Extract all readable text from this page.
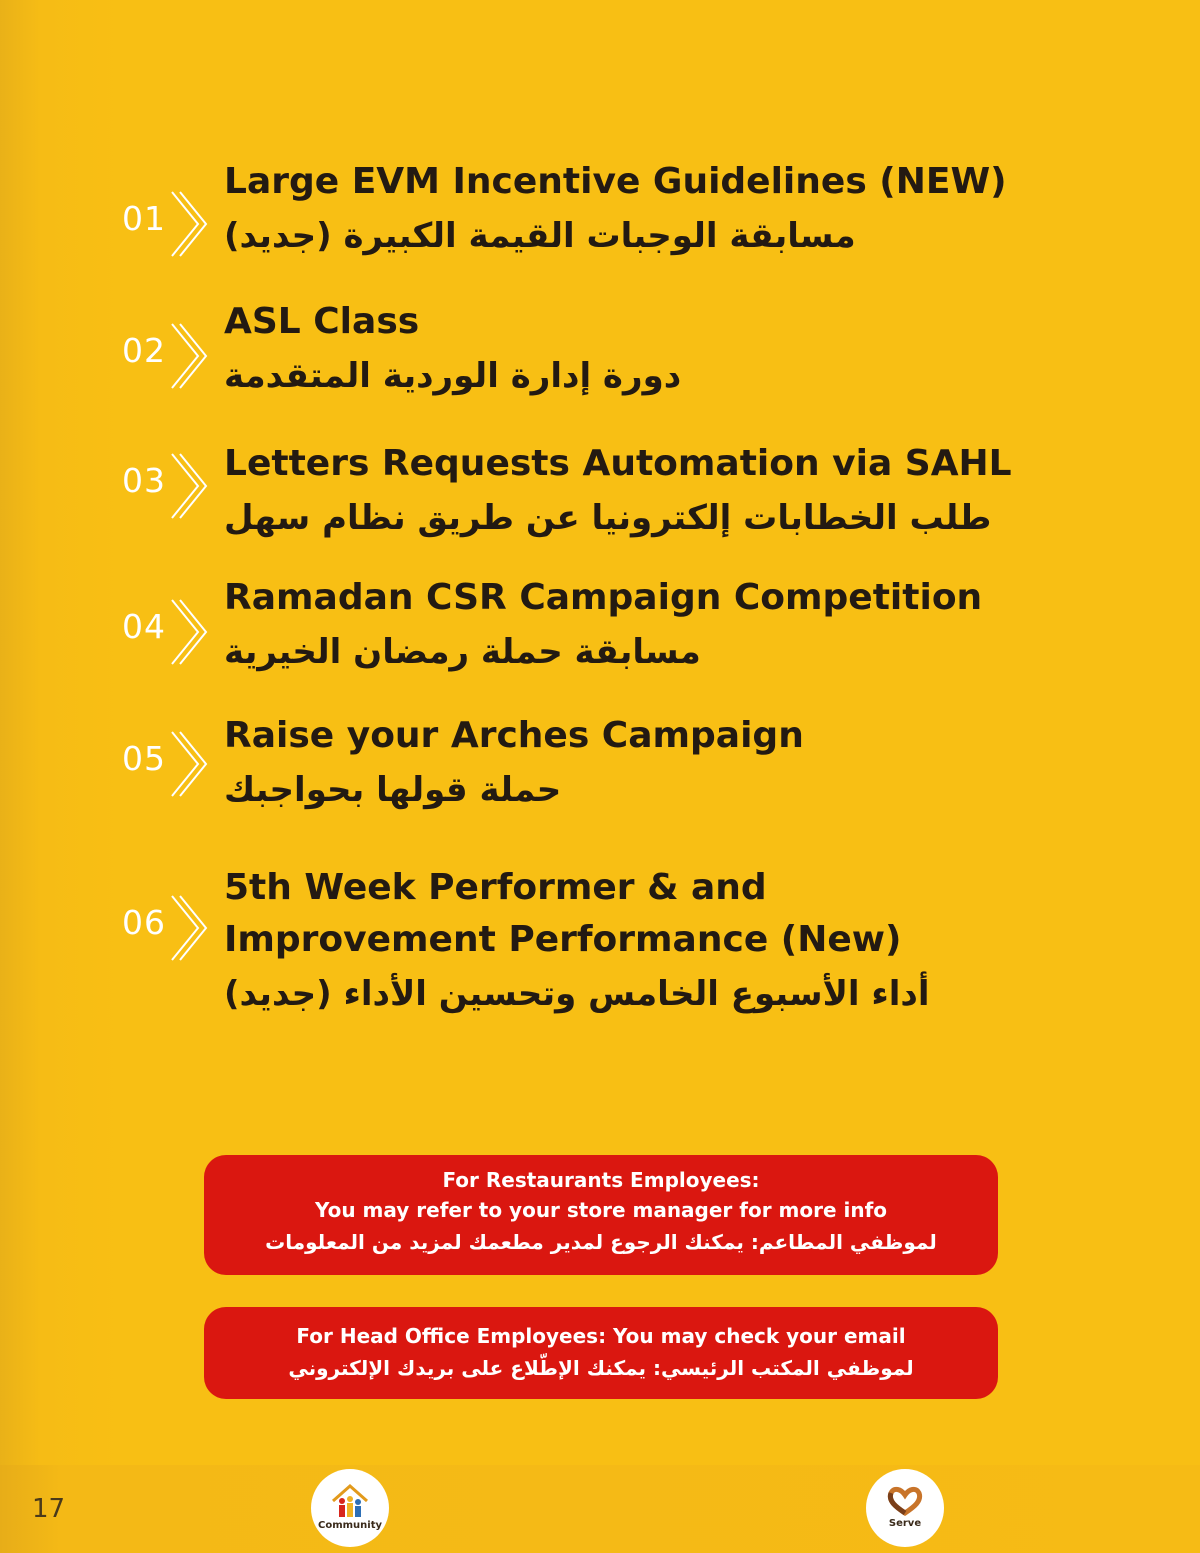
01
Large EVM Incentive Guidelines (NEW)
مسابقة الوجبات القيمة الكبيرة (جديد)
02
ASL Class
دورة إدارة الوردية المتقدمة
03 Letters Requests Automation via SAHL
طلب الخطابات إلكترونيا عن طريق نظام سهل
04
Ramadan CSR Campaign Competition
مسابقة حملة رمضان الخيرية
05
Raise your Arches Campaign
حملة قولها بحواجبك
06
5th Week Performer & and
Improvement Performance (New)
أداء الأسبوع الخامس وتحسين الأداء (جديد)
For Restaurants Employees:
You may refer to your store manager for more info
لموظفي المطاعم: يمكنك الرجوع لمدير مطعمك لمزيد من المعلومات
For Head Office Employees: You may check your email
لموظفي المكتب الرئيسي: يمكنك الإطّلاع على بريدك الإلكتروني
17
Community	Serve
